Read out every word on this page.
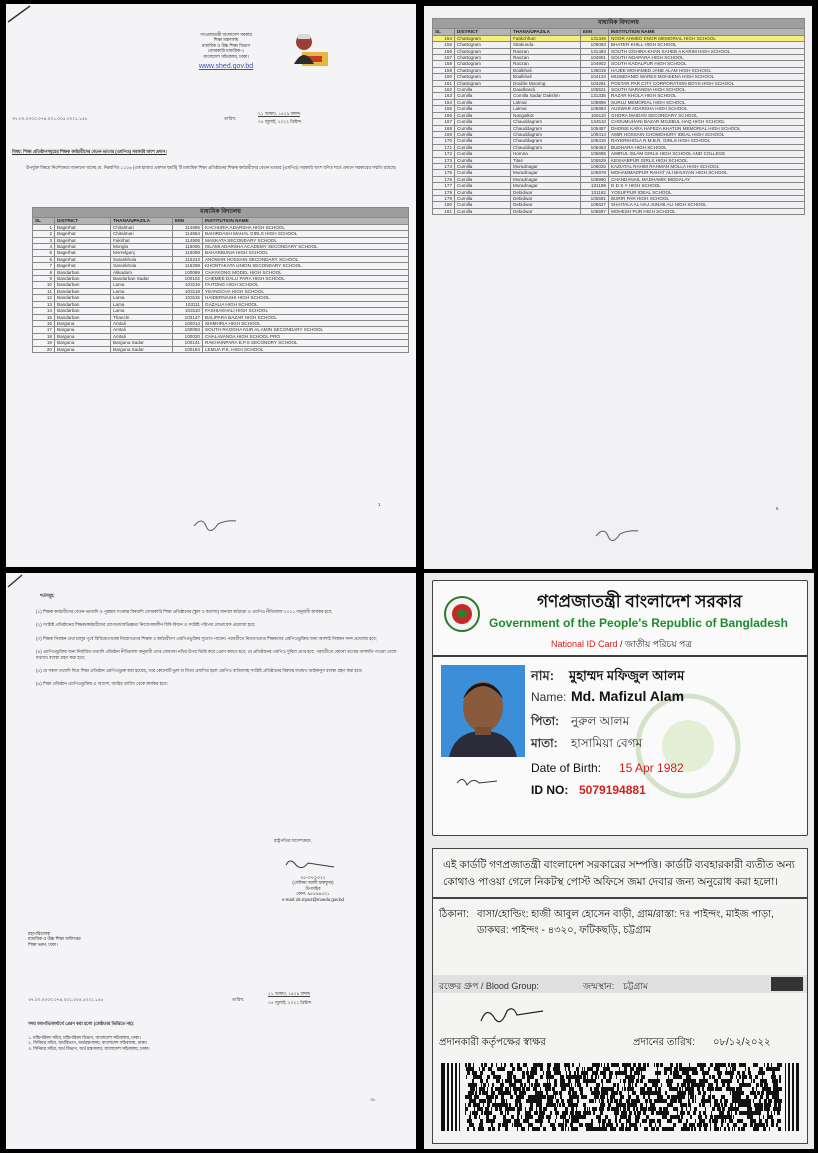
গণপ্রজাতন্ত্রী বাংলাদেশ সরকার
শিক্ষা মন্ত্রণালয়
মাধ্যমিক ও উচ্চ শিক্ষা বিভাগ
বেসরকারি মাধ্যমিক-২
বাংলাদেশ সচিবালয়, ঢাকা।
www.shed.gov.bd
৩৭.০০.০০০০.০৭৪.০০১.০০৫.২০২১.১৫৮	তারিখ:
২১ আষাঢ়, ১৪২৯ বঙ্গাব্দ
০৫ জুলাই, ২০২২ খ্রিষ্টাব্দ
বিষয়: শিক্ষা প্রতিষ্ঠানসমূহের শিক্ষক কর্মচারীদের বেতন-ভাতার (এমপিও) সরকারি অংশ প্রদান।
উপর্যুক্ত বিষয়ে নির্দেশক্রমে জানানো যাচ্ছে যে, নিম্নবর্ণিত ১১০৬ (এক হাজার একশত ছয়টি) টি মাধ্যমিক শিক্ষা প্রতিষ্ঠানের শিক্ষক কর্মচারীদের বেতন ভাতার (এমপিও) সরকারি অংশ বণিত শর্তে প্রদানে সরকারের সম্মতি রয়েছে।
মাধ্যমিক বিদ্যালয়				
SL	DISTRICT	THANA/UPAZILA	EIIN	INSTITUTION NAME
1	Bagerhat	Chitalmari	114865	KACHURIA ADARSHA HIGH SCHOOL
2	Bagerhat	Chitalmari	114864	BAHIRDASH MAHAL GIRLS HIGH SCHOOL
3	Bagerhat	Fakirhat	114908	MASKATA SECONDARY SCHOOL
4	Bagerhat	Mongla	115006	ISLAMI ADARSHA ACADEMY SECONDARY SCHOOL
5	Bagerhat	Morrelganj	115089	BAHARBUNIA HIGH SCHOOL
6	Bagerhat	Sarankhola	115243	ANOWAR HOSSAIN SECONDARY SCHOOL
7	Bagerhat	Sarankhola	115208	KHONTAKATA UNION SECONDARY SCHOOL
8	Bandarban	Alikadam	100089	CHAYKONG MODEL HIGH SCHOOL
9	Bandarban	Bandarban Sadar	100102	CHEMEE DALU PARA HIGH SCHOOL
10	Bandarban	Lama	103116	FAITONG HIGH SCHOOL
11	Bandarban	Lama	103118	YEANGCHA HIGH SCHOOL
12	Bandarban	Lama	103115	HAIDERNASHI HIGH SCHOOL
13	Bandarban	Lama	103111	GAZALIA HIGH SCHOOL
14	Bandarban	Lama	103110	FASHIAKHALI HIGH SCHOOL
15	Bandarban	Thanchi	103147	BALIPARA BAZAR HIGH SCHOOL
16	Barguna	Amtali	100014	SHIMHRIA HIGH SCHOOL
17	Barguna	Amtali	100093	SOUTH RAOGHA NUR AL AMIN SECONDARY SCHOOL
18	Barguna	Amtali	100020	CHALAVANGA HIGH SCHOOL PRO
19	Barguna	Barguna Sadar	100141	RAKHAINPARA B.P.S SECONDRY SCHOOL
20	Barguna	Barguna Sadar	100184	LEMUA P.K. HIGH SCHOOL
1
মাধ্যমিক বিদ্যালয়				
SL	DISTRICT	THANA/UPAZILA	EIIN	INSTITUTION NAME
154	Chattogram	Fatikchhari	131349	NOOR AHMED ENGR MEMORIAL HIGH SCHOOL
155	Chattogram	Sitakunda	105083	BHATER KHILL HIGH SCHOOL
156	Chattogram	Raozan	131483	SOUTH GOHIRA KHAN SAHEB A KARIM HIGH SCHOOL
157	Chattogram	Raozan	104901	SOUTH NOAPARA HIGH SCHOOL
158	Chattogram	Raozan	104902	SOUTH KADALPUR HIGH SCHOOL
159	Chattogram	Boalkhali	136019	HAJEE MOHAMED JANE ALAM HIGH SCHOOL
160	Chattogram	Boalkhali	104134	MUSBDANID WARES MOHSENA HIGH SCHOOL
161	Chattogram	Double Mooring	104281	POSTAR PAR CITY CORPORATION BOYS HIGH SCHOOL
162	Cumilla	Daudkandi	105521	SOUTH NARANDIA HIGH SCHOOL
163	Cumilla	Comilla Sadar Dakshin	131336	RAZAR KHOLA HIGH SCHOOL
164	Cumilla	Lalmai	105896	SURUJ MEMORIAL HIGH SCHOOL
165	Cumilla	Lalmai	105884	AUSWAR ADARSHA HIGH SCHOOL
166	Cumilla	Nangalkot	106110	GHORA MAIDAN SECONDARY SCHOOL
167	Cumilla	Chauddagram	134510	CHOUMUHANI BAZAR MOJIBUL HAQ HIGH SCHOOL
168	Cumilla	Chauddagram	105457	DHONIS KARA HAFEZA KHATUN MEMORIAL HIGH SCHOOL
169	Cumilla	Chauddagram	105414	AMIR HOSSAIN CHOWDHURY IDEAL HIGH SCHOOL
170	Cumilla	Chauddagram	105416	RAYERKHOLA R.M.B.R. GIRLS HIGH SCHOOL
171	Cumilla	Chauddagram	105453	BUDHARA HIGH SCHOOL
172	Cumilla	Homna	105685	AMIRUL ISLAM GIRLS HIGH SCHOOL AND COLLEGE
173	Cumilla	Titas	105529	KESHABPUR GIRLS HIGH SCHOOL
174	Cumilla	Muradnagar	106025	KAZIATAL RAHIM RAHMAN MOLLA HIGH SCHOOL
175	Cumilla	Muradnagar	105978	MOHAMMADPUR RAHAT ALI BHUIYAN HIGH SCHOOL
176	Cumilla	Muradnagar	105990	CHANDANAIL MADHAMIK BIDDALAY
177	Cumilla	Muradnagar	131199	D D S Y HIGH SCHOOL
178	Cumilla	Debidwar	131182	YOSUFPUR IDEAL SCHOOL
179	Cumilla	Debidwar	105591	BURIR PAR HIGH SCHOOL
180	Cumilla	Debidwar	105627	SHAITALA AL HAJ JUNAB ALI HIGH SCHOOL
181	Cumilla	Debidwar	105587	MOHESH PUR HIGH SCHOOL
6
শর্তসমূহ:
(১) শিক্ষক কর্মচারীদের বেতন-ভাতাদি ও পুরষ্কার সংক্রান্ত বিষয়াদি বেসরকারি শিক্ষা প্রতিষ্ঠানের (স্কুল ও কলেজ) জনবল কাঠামো ও এমপিও নীতিমালা-২০২১ অনুযায়ী কার্যকর হবে;
(২) সংশ্লিষ্ট প্রতিষ্ঠানের শিক্ষক/কর্মচারীদের যোগ্যতা/অভিজ্ঞতা নিয়োগকালীন বিধি-বিধান ও সংশ্লিষ্ট পরিপত্র মোতাবেক প্রযোজ্য হবে;
(৩) শিক্ষক নিবন্ধন প্রথা চালুর পূর্বে বিধিমোতাবেক নিয়োগপ্রাপ্ত শিক্ষক ও কর্মচারীগণ এমপিওভুক্তির সুযোগ পাবেন। পরবর্তীতে নিয়োগপ্রাপ্ত শিক্ষকদের এমপিওভুক্তির জন্য অবশ্যই নিবন্ধন সনদ প্রযোজ্য হবে;
(৪) এমপিওভুক্তির জন্য নির্ধারিত তথ্যাদি প্রতিষ্ঠান নীতিমালা অনুযায়ী প্রাপ্ত বোধগম্য নথির উপর ভিত্তি করে প্রেরণ করতে হবে, যে প্রতিষ্ঠানের এমপিও সুবিধা প্রাপ্ত হবে; পরবর্তীতে কোনো তথ্যের অসঙ্গতি পাওয়া গেলে যথাযথ ব্যবস্থা গ্রহণ করা হবে;
(৫) যে সকল তথ্যাদি দিয়ে শিক্ষা প্রতিষ্ঠান এমপিওভুক্ত করা হয়েছে, তার কোনোটি ভুল বা মিথ্যা প্রমাণিত হলে এমপিও বাতিলসহ সংশ্লিষ্ট প্রতিষ্ঠানের বিরুদ্ধে যথাযথ আইনানুগ ব্যবস্থা গ্রহণ করা হবে।
(৬) শিক্ষা প্রতিষ্ঠান এমপিওভুক্তির এ আদেশ, জারির তারিখ থেকে কার্যকর হবে।
রাষ্ট্রপতির আদেশক্রমে,
০৫-০৭-২০২২
(সেলিনা আলী মাকফুজ)
উপসচিব
ফোন: ৯৫৫৯৪৫২১
e-mail: ds.mpo2@moedu.gov.bd
মহাপরিচালক
মাধ্যমিক ও উচ্চ শিক্ষা অধিদপ্তর
শিক্ষা ভবন, ঢাকা।
৩৭.০০.০০০০.০৭৪.০০১.০০৫.২০২১.১৫৮	তারিখ:
২১ আষাঢ়, ১৪২৯ বঙ্গাব্দ
০৫ জুলাই, ২০২২ খ্রিষ্টাব্দ
সদয় অবগতি/কার্যার্থে প্রেরণ করা হলো (জেষ্ঠতার ভিত্তিতে নয়):
১. মন্ত্রিপরিষদ সচিব, মন্ত্রিপরিষদ বিভাগ, বাংলাদেশ সচিবালয়, ঢাকা।
২. সিনিয়র সচিব, অর্থবিভাগ, অর্থমন্ত্রণালয়, বাংলাদেশ সচিবালয়, ঢাকা।
৩. সিনিয়র সচিব, অর্থ বিভাগ, অর্থ মন্ত্রণালয়, বাংলাদেশ সচিবালয়, ঢাকা।
৩৮
গণপ্রজাতন্ত্রী বাংলাদেশ সরকার
Government of the People's Republic of Bangladesh
National ID Card / জাতীয় পরিচয় পত্র
নাম: মুহাম্মদ মফিজুল আলম
Name: Md. Mafizul Alam
পিতা: নুরুল আলম
মাতা: হাসামিয়া বেগম
Date of Birth: 15 Apr 1982
ID NO: 5079194881
এই কার্ডটি গণপ্রজাতন্ত্রী বাংলাদেশ সরকারের সম্পত্তি। কার্ডটি ব্যবহারকারী ব্যতীত অন্য কোথাও পাওয়া গেলে নিকটস্থ পোস্ট অফিসে জমা দেবার জন্য অনুরোধ করা হলো।
ঠিকানা: বাসা/হোল্ডিং: হাজী আবুল হোসেন বাড়ী, গ্রাম/রাস্তা: দঃ পাইন্দং, মাইজ পাড়া, ডাকঘর: পাইন্দং - ৪৩২০, ফটিকছড়ি, চট্টগ্রাম
রক্তের গ্রুপ / Blood Group:	জন্মস্থান: চট্টগ্রাম
প্রদানকারী কর্তৃপক্ষের স্বাক্ষর	প্রদানের তারিখ: ০৮/১২/২০২২
